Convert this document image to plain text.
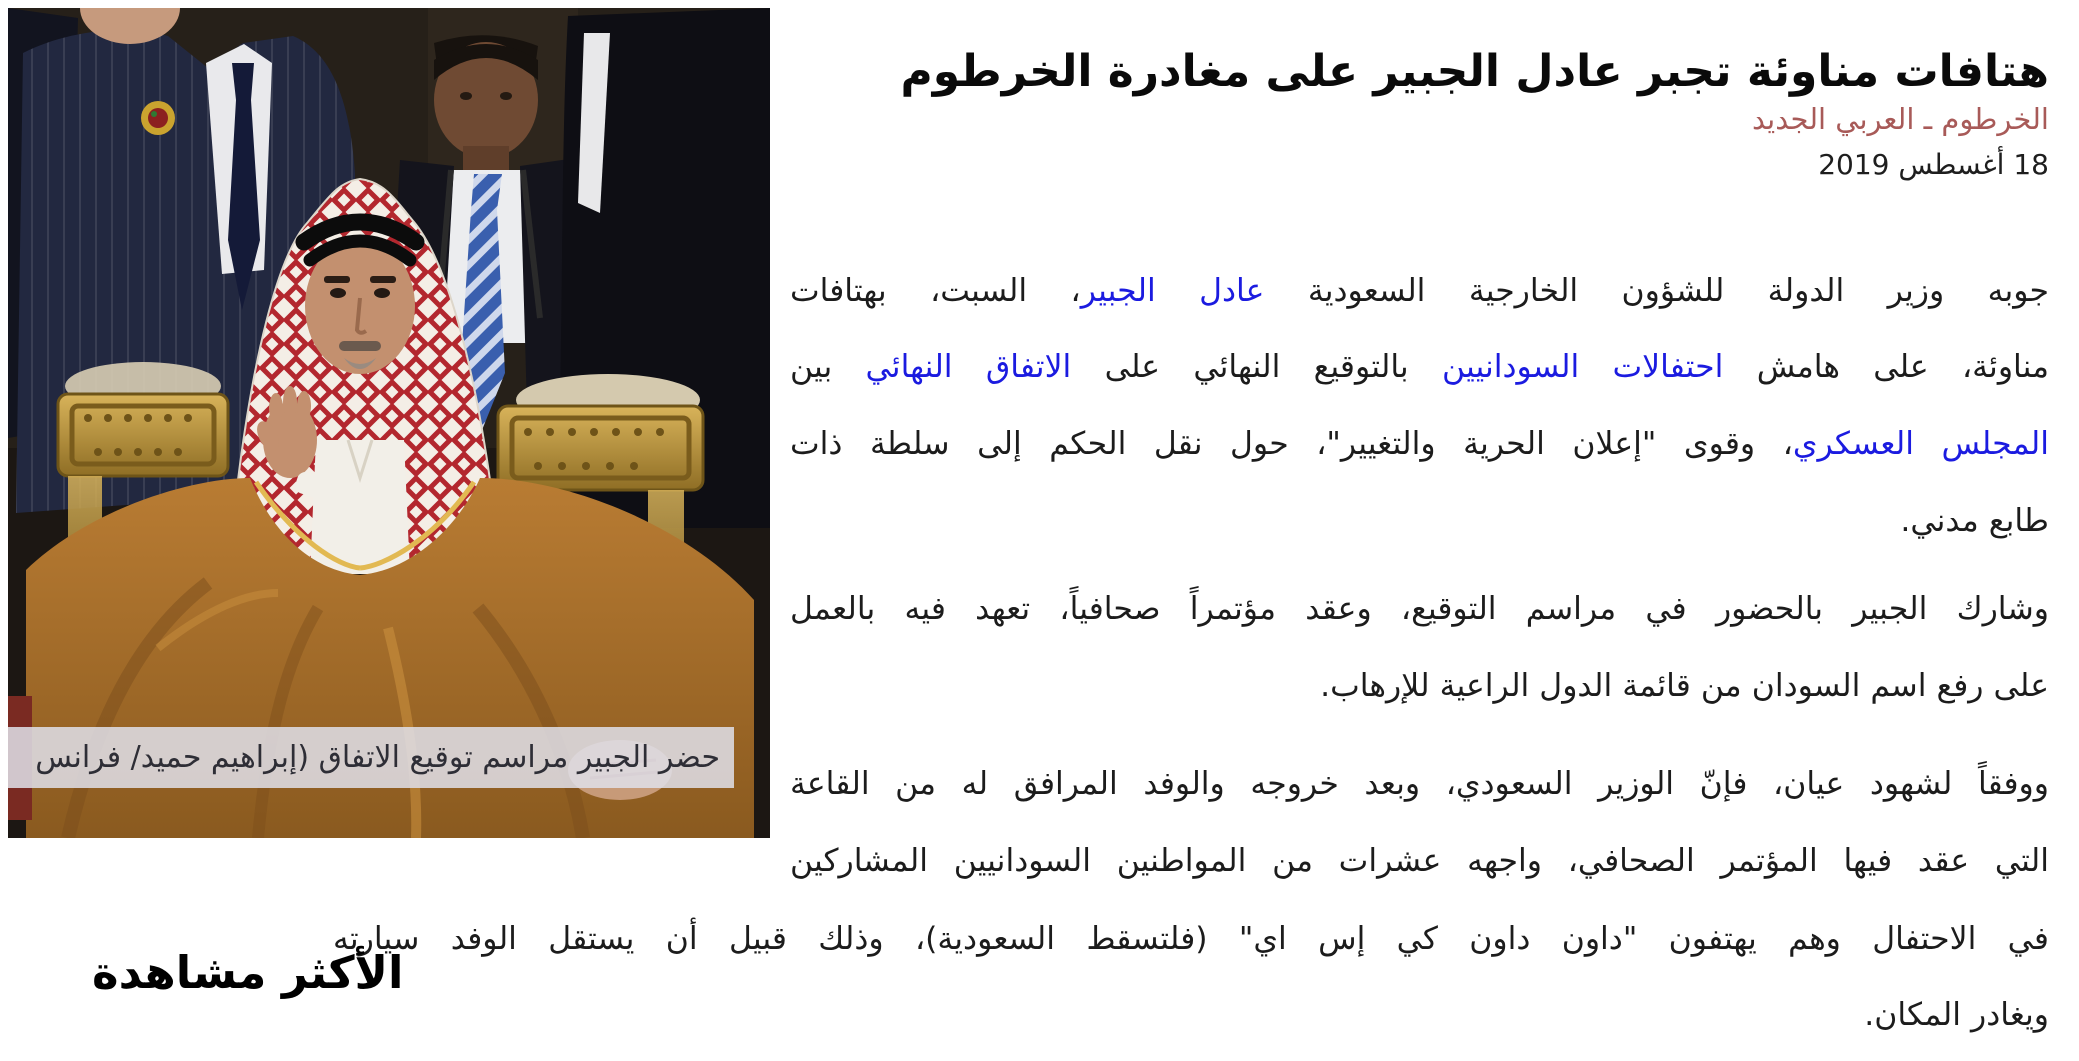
حضر الجبير مراسم توقيع الاتفاق (إبراهيم حميد/ فرانس
هتافات مناوئة تجبر عادل الجبير على مغادرة الخرطوم
الخرطوم ـ العربي الجديد
18 أغسطس 2019
جوبه وزير الدولة للشؤون الخارجية السعودية عادل الجبير، السبت، بهتافات
مناوئة، على هامش احتفالات السودانيين بالتوقيع النهائي على الاتفاق النهائي بين
المجلس العسكري، وقوى "إعلان الحرية والتغيير"، حول نقل الحكم إلى سلطة ذات
طابع مدني.
وشارك الجبير بالحضور في مراسم التوقيع، وعقد مؤتمراً صحافياً، تعهد فيه بالعمل
على رفع اسم السودان من قائمة الدول الراعية للإرهاب.
ووفقاً لشهود عيان، فإنّ الوزير السعودي، وبعد خروجه والوفد المرافق له من القاعة
التي عقد فيها المؤتمر الصحافي، واجهه عشرات من المواطنين السودانيين المشاركين
في الاحتفال وهم يهتفون "داون داون كي إس اي" (فلتسقط السعودية)، وذلك قبيل أن يستقل الوفد سيارته
ويغادر المكان.
الأكثر مشاهدة
